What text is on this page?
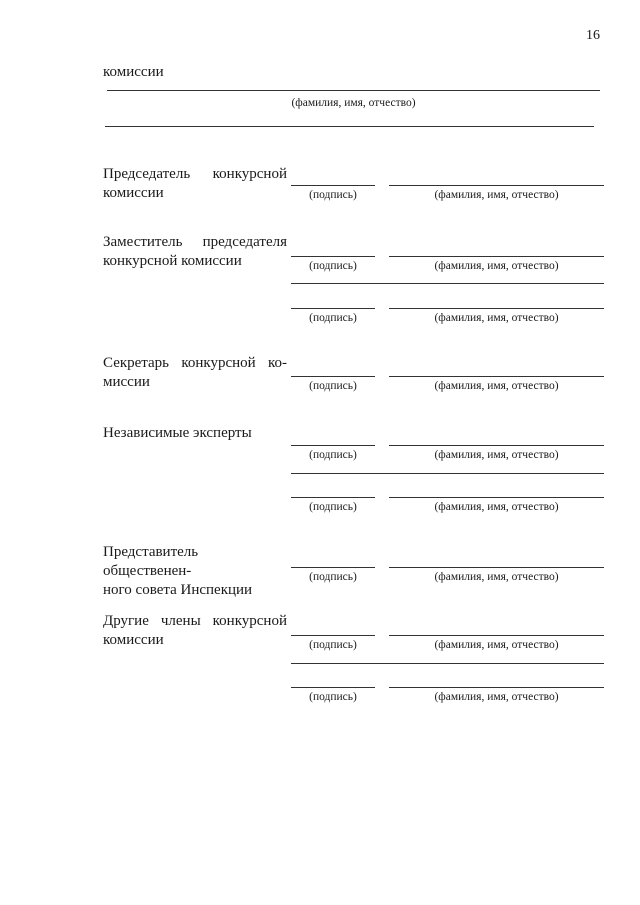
16
комиссии
(фамилия, имя, отчество)
Председатель конкурсной
комиссии	(подпись)	(фамилия, имя, отчество)
Заместитель председателя
конкурсной комиссии	(подпись)	(фамилия, имя, отчество)
(подпись)	(фамилия, имя, отчество)
Секретарь конкурсной ко-
миссии	(подпись)	(фамилия, имя, отчество)
Независимые эксперты
(подпись)	(фамилия, имя, отчество)
(подпись)	(фамилия, имя, отчество)
Представитель общественен-
ного совета Инспекции
(подпись)	(фамилия, имя, отчество)
Другие члены конкурсной
комиссии	(подпись)	(фамилия, имя, отчество)
(подпись)	(фамилия, имя, отчество)
